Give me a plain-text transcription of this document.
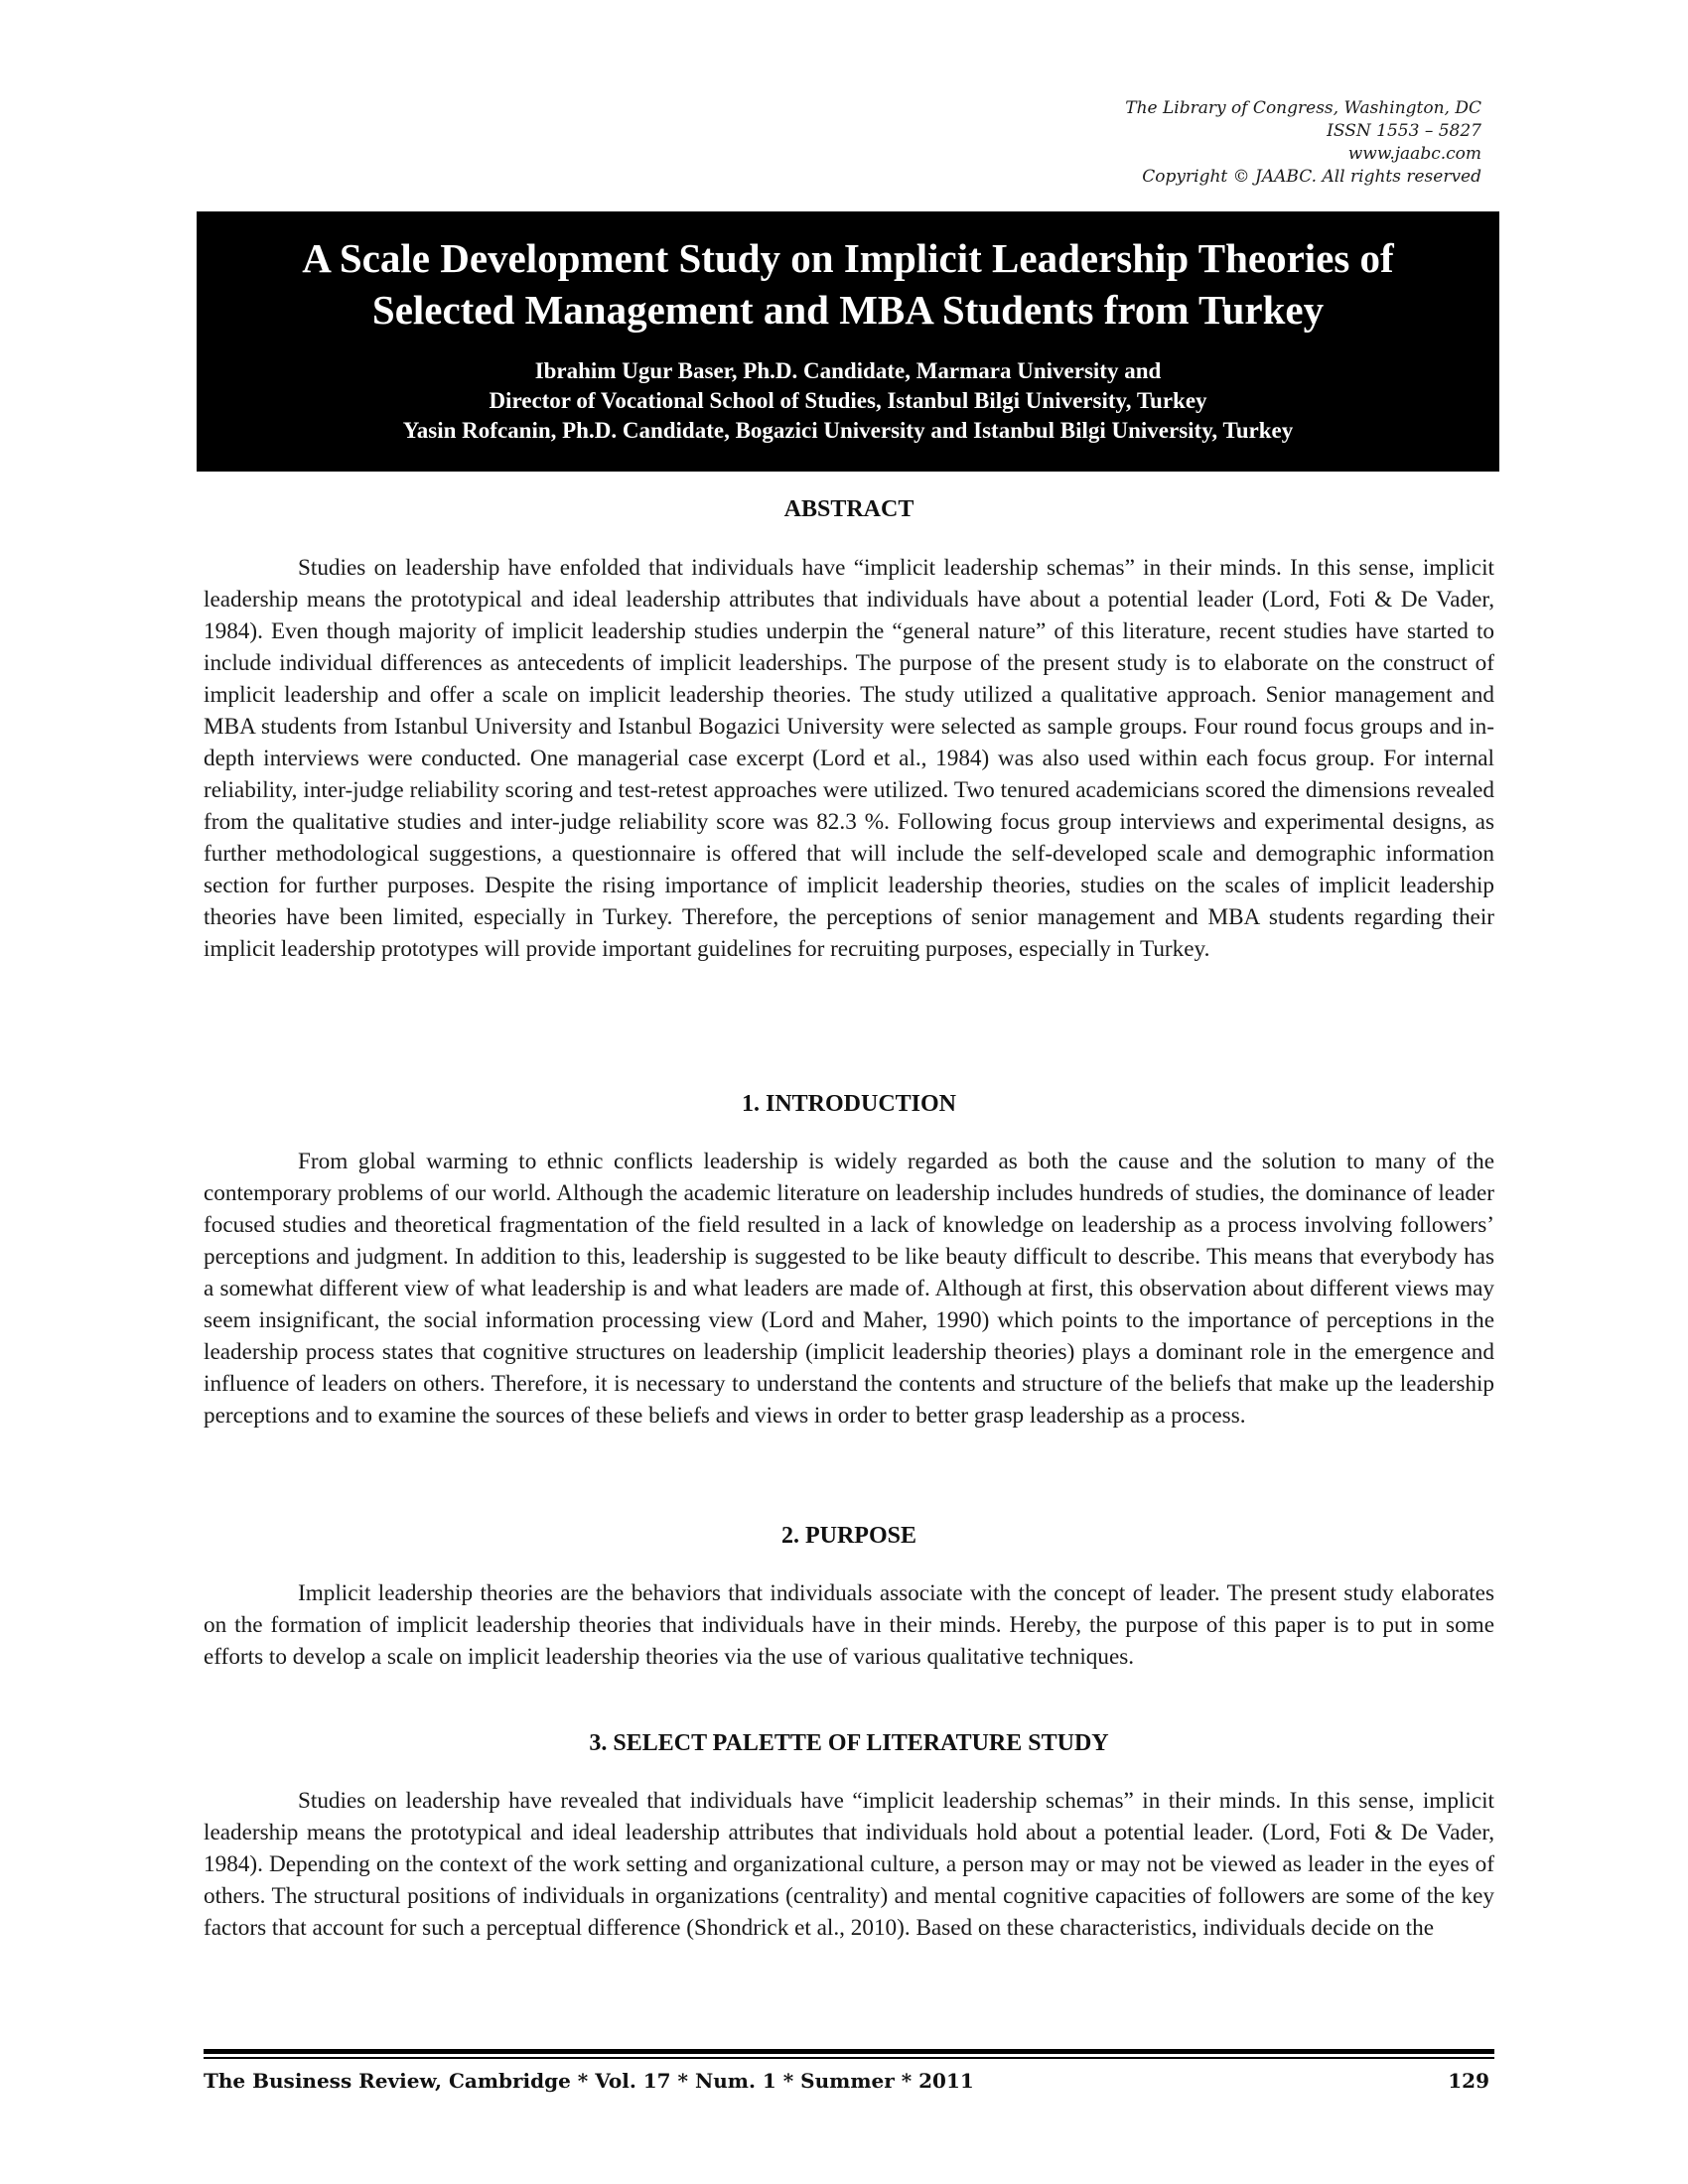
The Library of Congress, Washington, DC
ISSN 1553 – 5827
www.jaabc.com
Copyright © JAABC. All rights reserved
A Scale Development Study on Implicit Leadership Theories of
Selected Management and MBA Students from Turkey
Ibrahim Ugur Baser, Ph.D. Candidate, Marmara University and
Director of Vocational School of Studies, Istanbul Bilgi University, Turkey
Yasin Rofcanin, Ph.D. Candidate, Bogazici University and Istanbul Bilgi University, Turkey
ABSTRACT

Studies on leadership have enfolded that individuals have “implicit leadership schemas” in their minds. In this sense, implicit leadership means the prototypical and ideal leadership attributes that individuals have about a potential leader (Lord, Foti & De Vader, 1984). Even though majority of implicit leadership studies underpin the “general nature” of this literature, recent studies have started to include individual differences as antecedents of implicit leaderships. The purpose of the present study is to elaborate on the construct of implicit leadership and offer a scale on implicit leadership theories. The study utilized a qualitative approach. Senior management and MBA students from Istanbul University and Istanbul Bogazici University were selected as sample groups. Four round focus groups and in-depth interviews were conducted. One managerial case excerpt (Lord et al., 1984) was also used within each focus group. For internal reliability, inter-judge reliability scoring and test-retest approaches were utilized. Two tenured academicians scored the dimensions revealed from the qualitative studies and inter-judge reliability score was 82.3 %. Following focus group interviews and experimental designs, as further methodological suggestions, a questionnaire is offered that will include the self-developed scale and demographic information section for further purposes. Despite the rising importance of implicit leadership theories, studies on the scales of implicit leadership theories have been limited, especially in Turkey. Therefore, the perceptions of senior management and MBA students regarding their implicit leadership prototypes will provide important guidelines for recruiting purposes, especially in Turkey.

1. INTRODUCTION

From global warming to ethnic conflicts leadership is widely regarded as both the cause and the solution to many of the contemporary problems of our world. Although the academic literature on leadership includes hundreds of studies, the dominance of leader focused studies and theoretical fragmentation of the field resulted in a lack of knowledge on leadership as a process involving followers’ perceptions and judgment. In addition to this, leadership is suggested to be like beauty difficult to describe. This means that everybody has a somewhat different view of what leadership is and what leaders are made of. Although at first, this observation about different views may seem insignificant, the social information processing view (Lord and Maher, 1990) which points to the importance of perceptions in the leadership process states that cognitive structures on leadership (implicit leadership theories) plays a dominant role in the emergence and influence of leaders on others. Therefore, it is necessary to understand the contents and structure of the beliefs that make up the leadership perceptions and to examine the sources of these beliefs and views in order to better grasp leadership as a process.

2. PURPOSE

Implicit leadership theories are the behaviors that individuals associate with the concept of leader. The present study elaborates on the formation of implicit leadership theories that individuals have in their minds. Hereby, the purpose of this paper is to put in some efforts to develop a scale on implicit leadership theories via the use of various qualitative techniques.

3. SELECT PALETTE OF LITERATURE STUDY

Studies on leadership have revealed that individuals have “implicit leadership schemas” in their minds. In this sense, implicit leadership means the prototypical and ideal leadership attributes that individuals hold about a potential leader. (Lord, Foti & De Vader, 1984). Depending on the context of the work setting and organizational culture, a person may or may not be viewed as leader in the eyes of others. The structural positions of individuals in organizations (centrality) and mental cognitive capacities of followers are some of the key factors that account for such a perceptual difference (Shondrick et al., 2010). Based on these characteristics, individuals decide on the

The Business Review, Cambridge * Vol. 17 * Num. 1 * Summer * 2011	129
